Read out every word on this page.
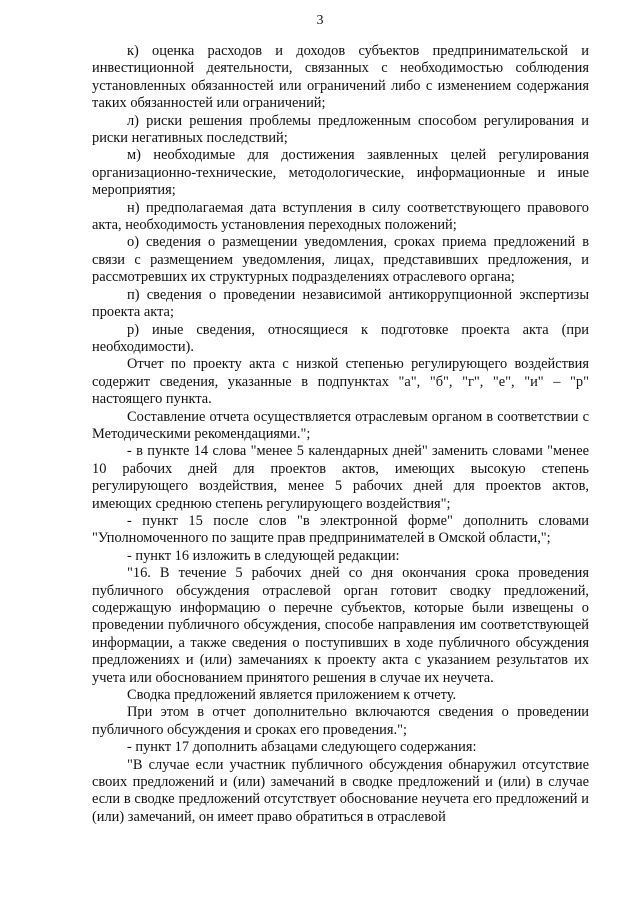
3

к) оценка расходов и доходов субъектов предпринимательской и инвестиционной деятельности, связанных с необходимостью соблюдения установленных обязанностей или ограничений либо с изменением содержания таких обязанностей или ограничений;

л) риски решения проблемы предложенным способом регулирования и риски негативных последствий;

м) необходимые для достижения заявленных целей регулирования организационно-технические, методологические, информационные и иные мероприятия;

н) предполагаемая дата вступления в силу соответствующего правового акта, необходимость установления переходных положений;

о) сведения о размещении уведомления, сроках приема предложений в связи с размещением уведомления, лицах, представивших предложения, и рассмотревших их структурных подразделениях отраслевого органа;

п) сведения о проведении независимой антикоррупционной экспертизы проекта акта;

р) иные сведения, относящиеся к подготовке проекта акта (при необходимости).

Отчет по проекту акта с низкой степенью регулирующего воздействия содержит сведения, указанные в подпунктах "а", "б", "г", "е", "и" – "р" настоящего пункта.

Составление отчета осуществляется отраслевым органом в соответствии с Методическими рекомендациями.";

- в пункте 14 слова "менее 5 календарных дней" заменить словами "менее 10 рабочих дней для проектов актов, имеющих высокую степень регулирующего воздействия, менее 5 рабочих дней для проектов актов, имеющих среднюю степень регулирующего воздействия";

- пункт 15 после слов "в электронной форме" дополнить словами "Уполномоченного по защите прав предпринимателей в Омской области,";

- пункт 16 изложить в следующей редакции:

"16. В течение 5 рабочих дней со дня окончания срока проведения публичного обсуждения отраслевой орган готовит сводку предложений, содержащую информацию о перечне субъектов, которые были извещены о проведении публичного обсуждения, способе направления им соответствующей информации, а также сведения о поступивших в ходе публичного обсуждения предложениях и (или) замечаниях к проекту акта с указанием результатов их учета или обоснованием принятого решения в случае их неучета.

Сводка предложений является приложением к отчету.

При этом в отчет дополнительно включаются сведения о проведении публичного обсуждения и сроках его проведения.";

- пункт 17 дополнить абзацами следующего содержания:

"В случае если участник публичного обсуждения обнаружил отсутствие своих предложений и (или) замечаний в сводке предложений и (или) в случае если в сводке предложений отсутствует обоснование неучета его предложений и (или) замечаний, он имеет право обратиться в отраслевой
